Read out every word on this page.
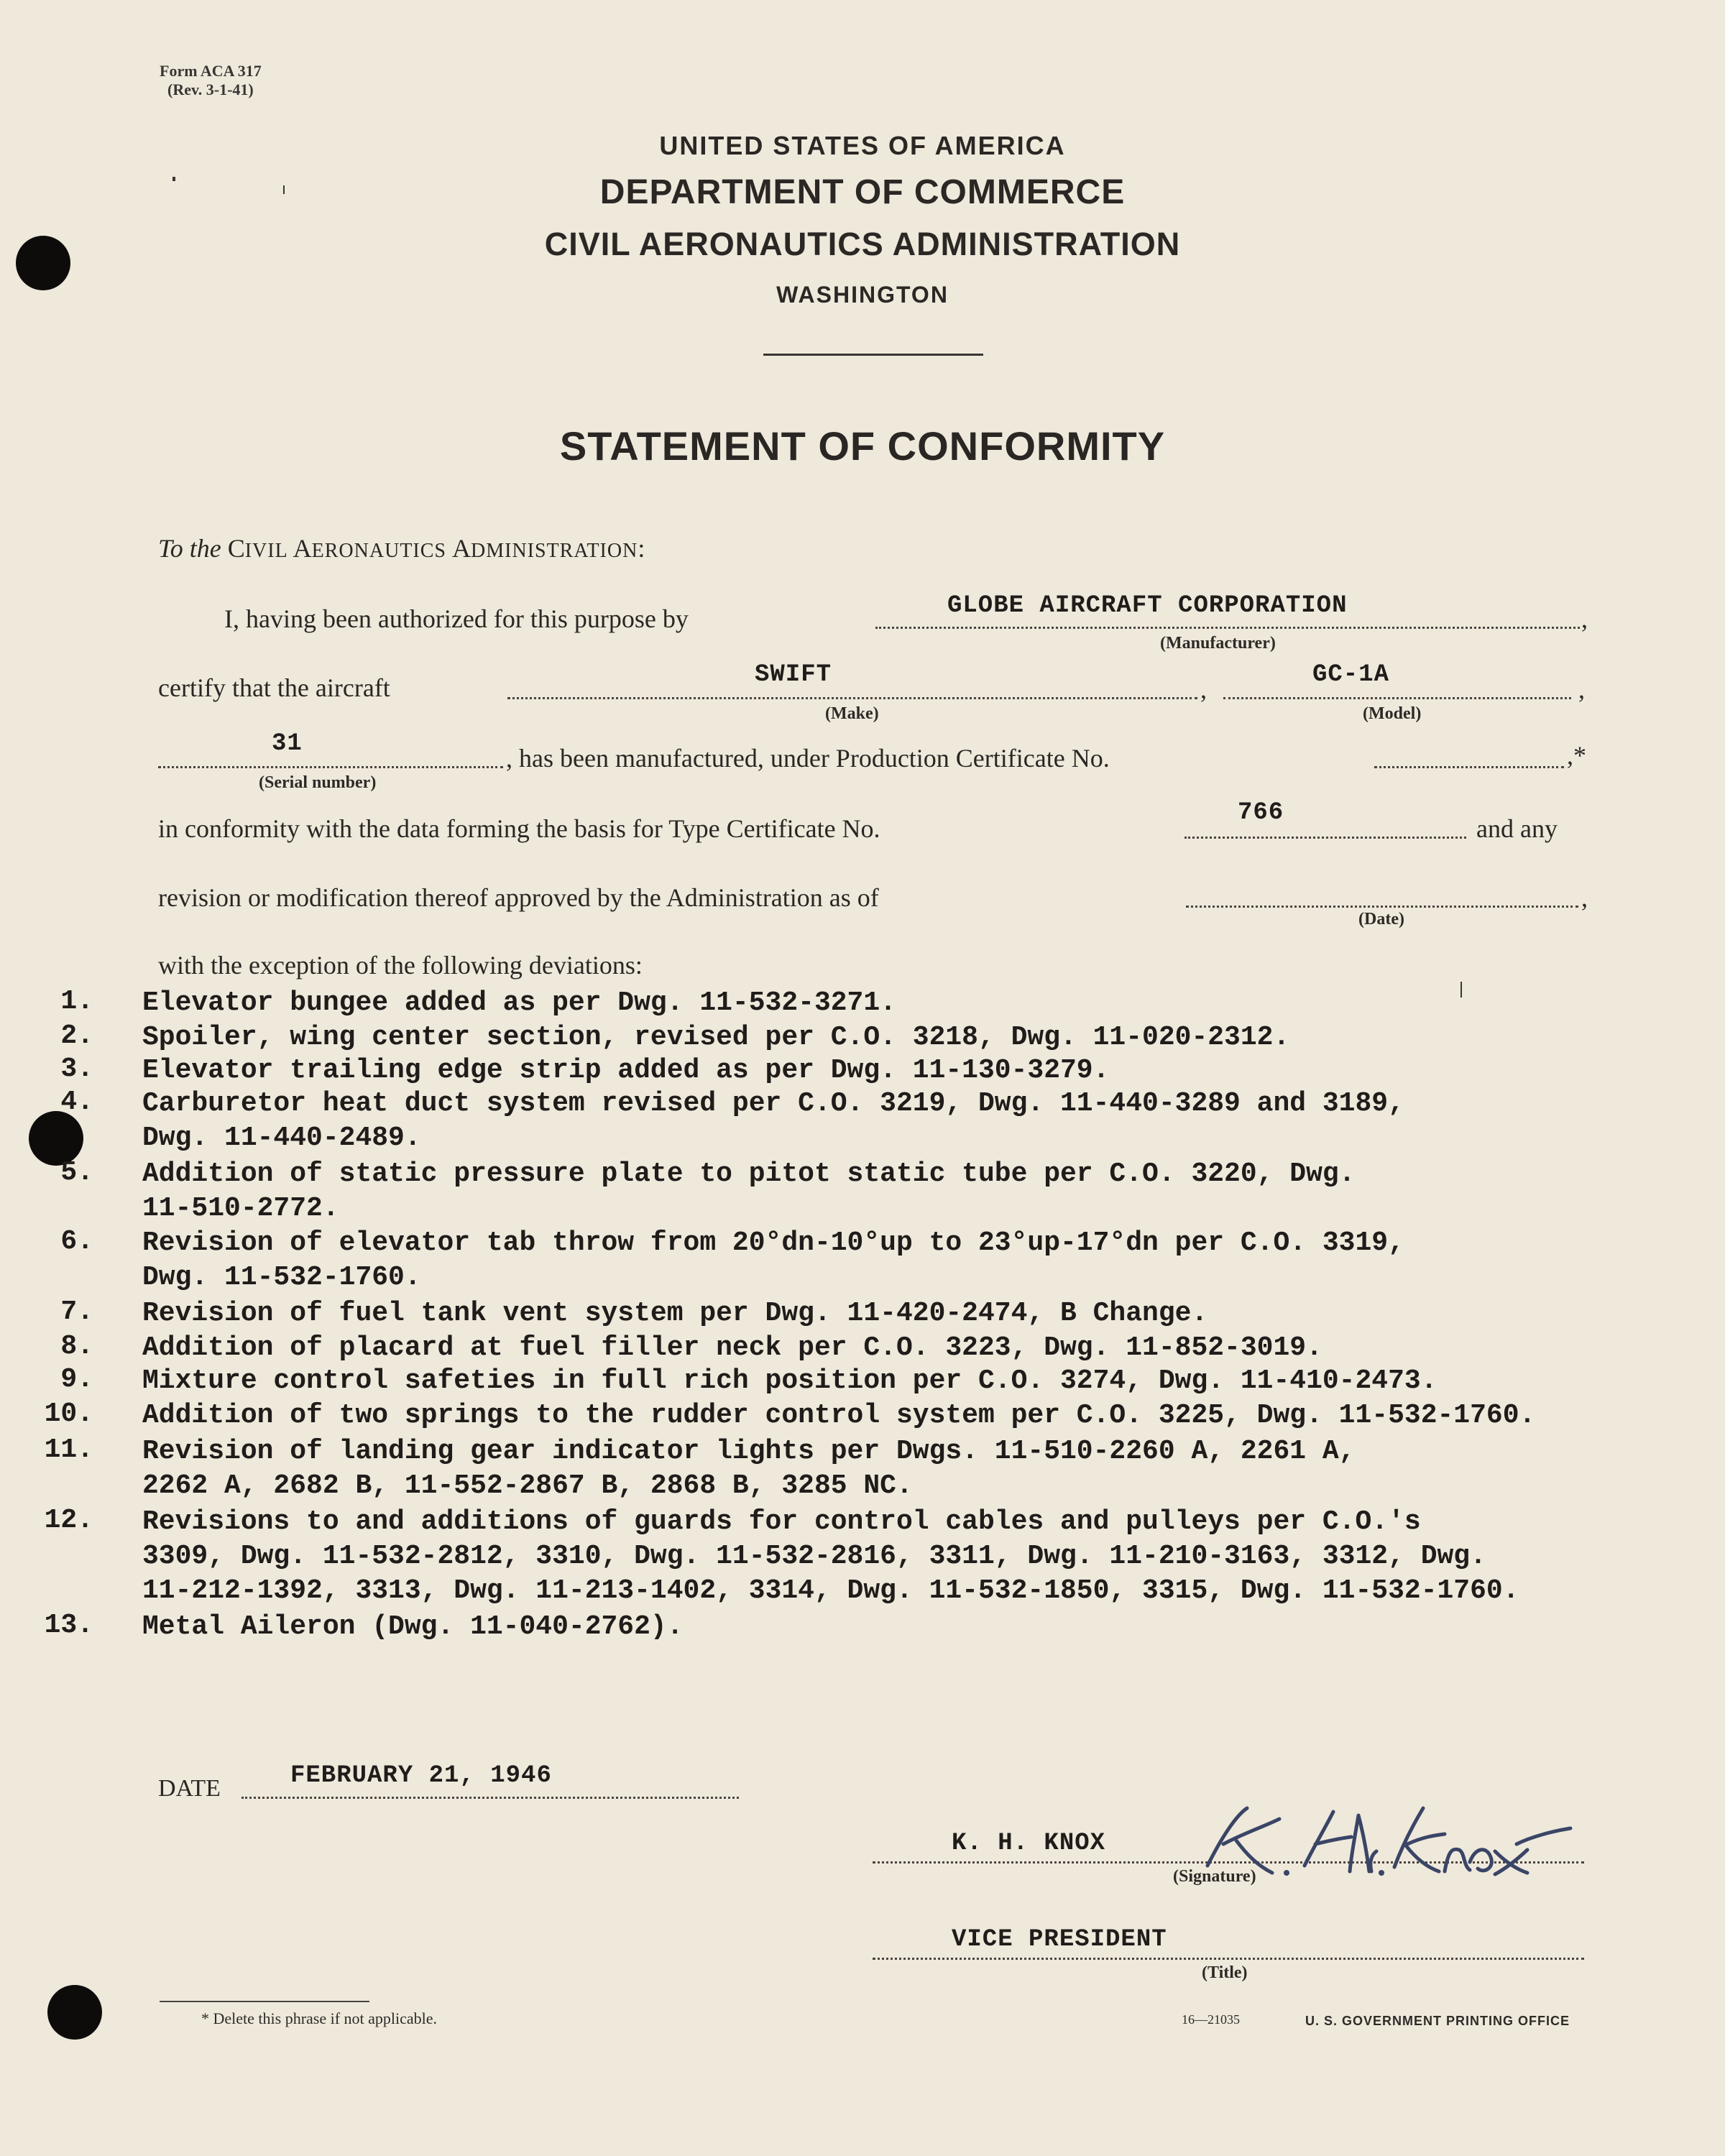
Form ACA 317
(Rev. 3-1-41)
UNITED STATES OF AMERICA
DEPARTMENT OF COMMERCE
CIVIL AERONAUTICS ADMINISTRATION
WASHINGTON
STATEMENT OF CONFORMITY
To the CIVIL AERONAUTICS ADMINISTRATION:
I, having been authorized for this purpose by	,
GLOBE AIRCRAFT CORPORATION
(Manufacturer)
certify that the aircraft	,	,
SWIFT	GC-1A
(Make)	(Model)
31	, has been manufactured, under Production Certificate No.	,*
(Serial number)
in conformity with the data forming the basis for Type Certificate No.
766
and any
revision or modification thereof approved by the Administration as of	,
(Date)
with the exception of the following deviations:
1. Elevator bungee added as per Dwg. 11-532-3271.
2. Spoiler, wing center section, revised per C.O. 3218, Dwg. 11-020-2312.
3. Elevator trailing edge strip added as per Dwg. 11-130-3279.
4. Carburetor heat duct system revised per C.O. 3219, Dwg. 11-440-3289 and 3189,
Dwg. 11-440-2489.
5. Addition of static pressure plate to pitot static tube per C.O. 3220, Dwg.
11-510-2772.
6. Revision of elevator tab throw from 20°dn-10°up to 23°up-17°dn per C.O. 3319,
Dwg. 11-532-1760.
7. Revision of fuel tank vent system per Dwg. 11-420-2474, B Change.
8. Addition of placard at fuel filler neck per C.O. 3223, Dwg. 11-852-3019.
9. Mixture control safeties in full rich position per C.O. 3274, Dwg. 11-410-2473.
10. Addition of two springs to the rudder control system per C.O. 3225, Dwg. 11-532-1760.
11. Revision of landing gear indicator lights per Dwgs. 11-510-2260 A, 2261 A,
2262 A, 2682 B, 11-552-2867 B, 2868 B, 3285 NC.
12. Revisions to and additions of guards for control cables and pulleys per C.O.'s
3309, Dwg. 11-532-2812, 3310, Dwg. 11-532-2816, 3311, Dwg. 11-210-3163, 3312, Dwg.
11-212-1392, 3313, Dwg. 11-213-1402, 3314, Dwg. 11-532-1850, 3315, Dwg. 11-532-1760.
13. Metal Aileron (Dwg. 11-040-2762).
DATE	FEBRUARY 21, 1946
K. H. KNOX
(Signature)
VICE PRESIDENT
(Title)
* Delete this phrase if not applicable.	16—21035	U. S. GOVERNMENT PRINTING OFFICE
